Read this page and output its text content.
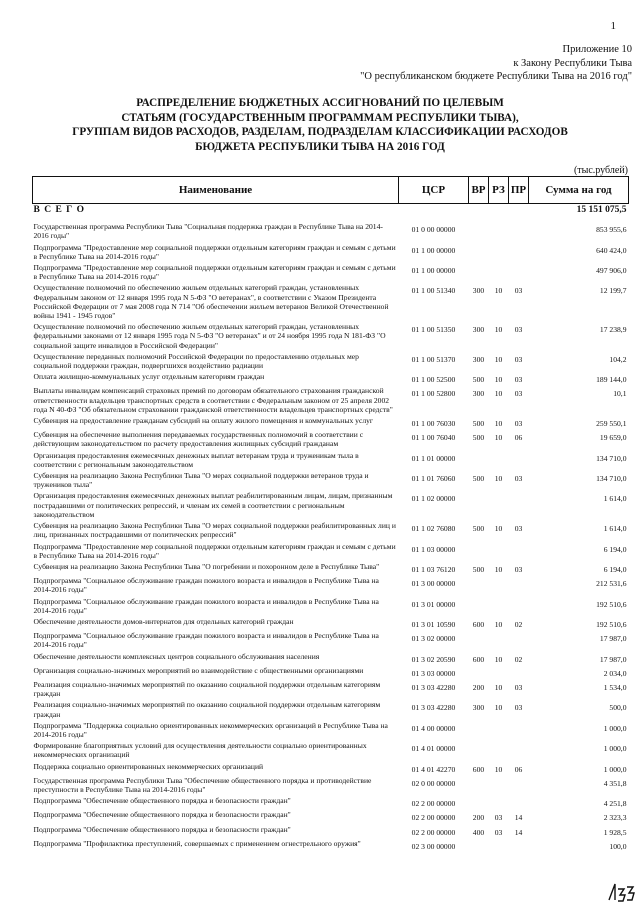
1
Приложение 10
к Закону Республики Тыва
"О республиканском бюджете Республики Тыва на 2016 год"
РАСПРЕДЕЛЕНИЕ БЮДЖЕТНЫХ АССИГНОВАНИЙ ПО ЦЕЛЕВЫМ
СТАТЬЯМ (ГОСУДАРСТВЕННЫМ ПРОГРАММАМ РЕСПУБЛИКИ ТЫВА),
ГРУППАМ ВИДОВ РАСХОДОВ, РАЗДЕЛАМ, ПОДРАЗДЕЛАМ КЛАССИФИКАЦИИ РАСХОДОВ
БЮДЖЕТА РЕСПУБЛИКИ ТЫВА НА 2016 ГОД
(тыс.рублей)
Наименование	ЦСР	ВР	РЗ	ПР	Сумма на год
В С Е Г О					15 151 075,5
Государственная программа Республики Тыва "Социальная поддержка граждан в Республике Тыва на 2014-2016 годы"	01 0 00 00000				853 955,6
Подпрограмма "Предоставление мер социальной поддержки отдельным категориям граждан и семьям с детьми в Республике Тыва на 2014-2016 годы"	01 1 00 00000				640 424,0
Подпрограмма "Предоставление мер социальной поддержки отдельным категориям граждан и семьям с детьми в Республике Тыва на 2014-2016 годы"	01 1 00 00000				497 906,0
Осуществление полномочий по обеспечению жильем отдельных категорий граждан, установленных Федеральным законом от 12 января 1995 года N 5-ФЗ "О ветеранах", в соответствии с Указом Президента Российской Федерации от 7 мая 2008 года N 714 "Об обеспечении жильем ветеранов Великой Отечественной войны 1941 - 1945 годов"	01 1 00 51340	300	10	03	12 199,7
Осуществление полномочий по обеспечению жильем отдельных категорий граждан, установленных федеральными законами от 12 января 1995 года N 5-ФЗ "О ветеранах" и от 24 ноября 1995 года N 181-ФЗ "О социальной защите инвалидов в Российской Федерации"	01 1 00 51350	300	10	03	17 238,9
Осуществление переданных полномочий Российской Федерации по предоставлению отдельных мер социальной поддержки граждан, подвергшихся воздействию радиации	01 1 00 51370	300	10	03	104,2
Оплата жилищно-коммунальных услуг отдельным категориям граждан	01 1 00 52500	500	10	03	189 144,0
Выплаты инвалидам компенсаций страховых премий по договорам обязательного страхования гражданской ответственности владельцев транспортных средств в соответствии с Федеральным законом от 25 апреля 2002 года N 40-ФЗ "Об обязательном страховании гражданской ответственности владельцев транспортных средств"	01 1 00 52800	300	10	03	10,1
Субвенция на предоставление гражданам субсидий на оплату жилого помещения и коммунальных услуг	01 1 00 76030	500	10	03	259 550,1
Субвенция на обеспечение выполнения передаваемых государственных полномочий в соответствии с действующим законодательством по расчету предоставления жилищных субсидий гражданам	01 1 00 76040	500	10	06	19 659,0
Организация предоставления ежемесячных денежных выплат ветеранам труда и труженикам тыла в соответствии с региональным законодательством	01 1 01 00000				134 710,0
Субвенция на реализацию Закона Республики Тыва "О мерах социальной поддержки ветеранов труда и тружеников тыла"	01 1 01 76060	500	10	03	134 710,0
Организация предоставления ежемесячных денежных выплат реабилитированным лицам, лицам, признанным пострадавшими от политических репрессий, и членам их семей в соответствии с региональным законодательством	01 1 02 00000				1 614,0
Субвенция на реализацию Закона Республики Тыва "О мерах социальной поддержки реабилитированных лиц и лиц, признанных пострадавшими от политических репрессий"	01 1 02 76080	500	10	03	1 614,0
Подпрограмма "Предоставление мер социальной поддержки отдельным категориям граждан и семьям с детьми в Республике Тыва на 2014-2016 годы"	01 1 03 00000				6 194,0
Субвенция на реализацию Закона Республики Тыва "О погребении и похоронном деле в Республике Тыва"	01 1 03 76120	500	10	03	6 194,0
Подпрограмма "Социальное обслуживание граждан пожилого возраста и инвалидов в Республике Тыва на 2014-2016 годы"	01 3 00 00000				212 531,6
Подпрограмма "Социальное обслуживание граждан пожилого возраста и инвалидов в Республике Тыва на 2014-2016 годы"	01 3 01 00000				192 510,6
Обеспечение деятельности домов-интернатов для отдельных категорий граждан	01 3 01 10590	600	10	02	192 510,6
Подпрограмма "Социальное обслуживание граждан пожилого возраста и инвалидов в Республике Тыва на 2014-2016 годы"	01 3 02 00000				17 987,0
Обеспечение деятельности комплексных центров социального обслуживания населения	01 3 02 20590	600	10	02	17 987,0
Организация социально-значимых мероприятий во взаимодействие с общественными организациями	01 3 03 00000				2 034,0
Реализация социально-значимых мероприятий по оказанию социальной поддержки отдельным категориям граждан	01 3 03 42280	200	10	03	1 534,0
Реализация социально-значимых мероприятий по оказанию социальной поддержки отдельным категориям граждан	01 3 03 42280	300	10	03	500,0
Подпрограмма "Поддержка социально ориентированных некоммерческих организаций в Республике Тыва на 2014-2016 годы"	01 4 00 00000				1 000,0
Формирование благоприятных условий для осуществления деятельности социально ориентированных некоммерческих организаций	01 4 01 00000				1 000,0
Поддержка социально ориентированных некоммерческих организаций	01 4 01 42270	600	10	06	1 000,0
Государственная программа Республики Тыва "Обеспечение общественного порядка и противодействие преступности в Республике Тыва на 2014-2016 годы"	02 0 00 00000				4 351,8
Подпрограмма "Обеспечение общественного порядка и безопасности граждан"	02 2 00 00000				4 251,8
Подпрограмма "Обеспечение общественного порядка и безопасности граждан"	02 2 00 00000	200	03	14	2 323,3
Подпрограмма "Обеспечение общественного порядка и безопасности граждан"	02 2 00 00000	400	03	14	1 928,5
Подпрограмма "Профилактика преступлений, совершаемых с применением огнестрельного оружия"	02 3 00 00000				100,0
